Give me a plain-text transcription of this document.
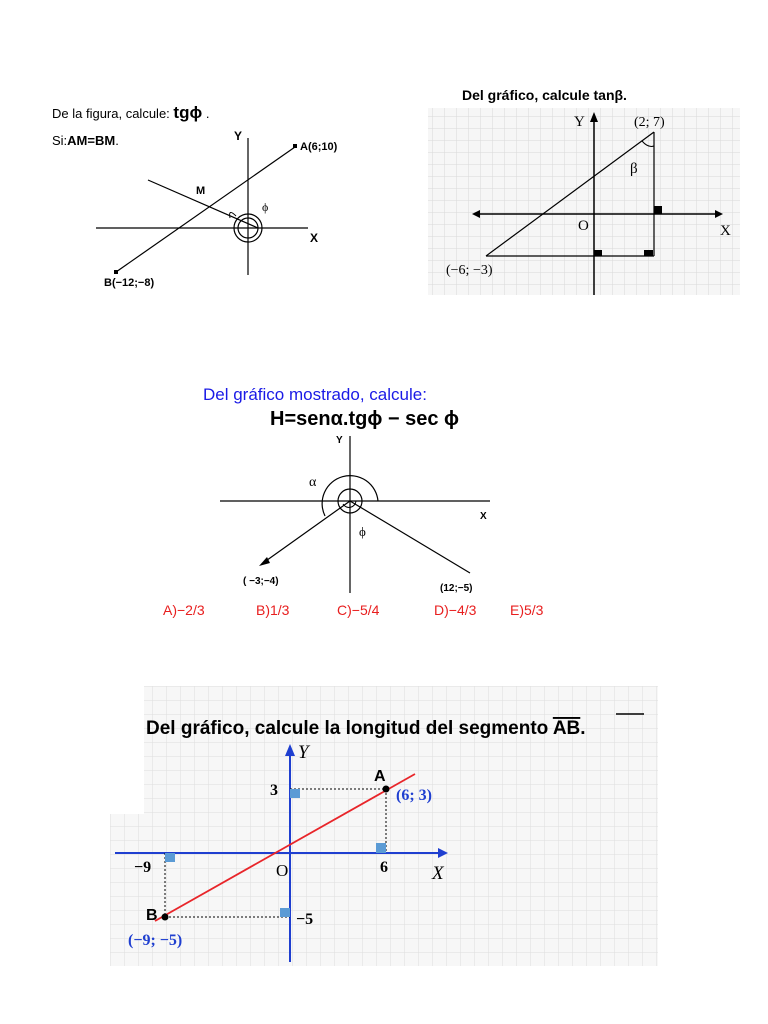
De la figura, calcule: tgϕ .
Si:AM=BM.	Y
X
A(6;10)
B(−12;−8)
M
ϕ
Del gráfico, calcule tanβ.
Y
X
O
(2; 7)
(−6; −3)
β
Del gráfico mostrado, calcule:
H=senα.tgϕ − sec ϕ
Y
X
α
ϕ
( −3;−4)
(12;−5)
A)−2/3	B)1/3	C)−5/4	D)−4/3 E)5/3
Del gráfico, calcule la longitud del segmento AB.
Y
X
O
A
(6; 3)
B
(−9; −5)
−9	6
3
−5
